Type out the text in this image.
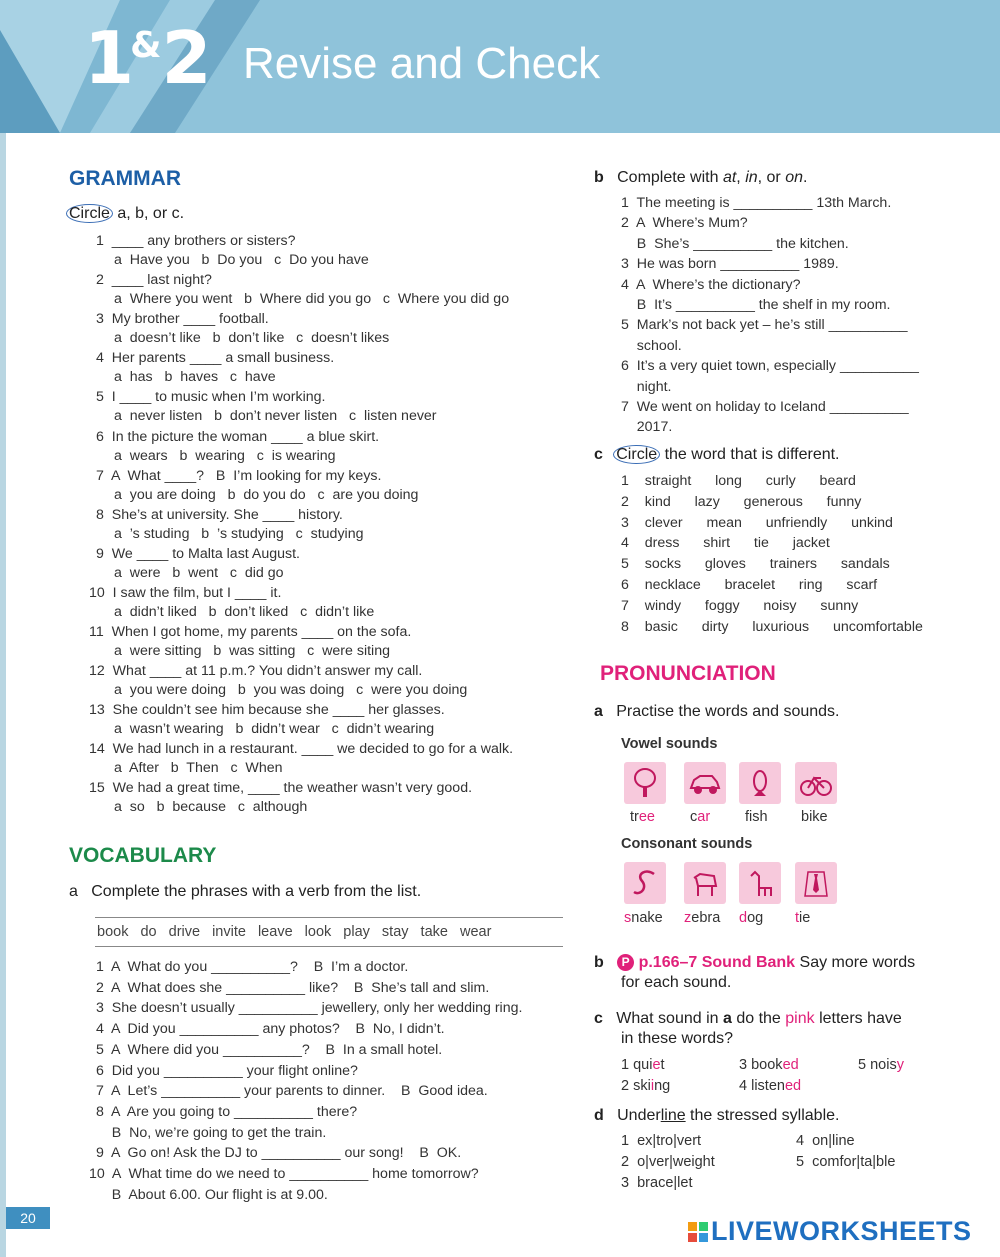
1&2 Revise and Check
GRAMMAR
Circle a, b, or c.
1  ____ any brothers or sisters?
a  Have you   b  Do you   c  Do you have
2  ____ last night?
a  Where you went   b  Where did you go   c  Where you did go
3  My brother ____ football.
a  doesn’t like   b  don’t like   c  doesn’t likes
4  Her parents ____ a small business.
a  has   b  haves   c  have
5  I ____ to music when I’m working.
a  never listen   b  don’t never listen   c  listen never
6  In the picture the woman ____ a blue skirt.
a  wears   b  wearing   c  is wearing
7  A  What ____?   B  I’m looking for my keys.
a  you are doing   b  do you do   c  are you doing
8  She’s at university. She ____ history.
a  ’s studing   b  ’s studying   c  studying
9  We ____ to Malta last August.
a  were   b  went   c  did go
10  I saw the film, but I ____ it.
a  didn’t liked   b  don’t liked   c  didn’t like
11  When I got home, my parents ____ on the sofa.
a  were sitting   b  was sitting   c  were siting
12  What ____ at 11 p.m.? You didn’t answer my call.
a  you were doing   b  you was doing   c  were you doing
13  She couldn’t see him because she ____ her glasses.
a  wasn’t wearing   b  didn’t wear   c  didn’t wearing
14  We had lunch in a restaurant. ____ we decided to go for a walk.
a  After   b  Then   c  When
15  We had a great time, ____ the weather wasn’t very good.
a  so   b  because   c  although
VOCABULARY
a Complete the phrases with a verb from the list.
book do drive invite leave look play stay take wear
1  A  What do you __________?    B  I’m a doctor.
2  A  What does she __________ like?    B  She’s tall and slim.
3  She doesn’t usually __________ jewellery, only her wedding ring.
4  A  Did you __________ any photos?    B  No, I didn’t.
5  A  Where did you __________?    B  In a small hotel.
6  Did you __________ your flight online?
7  A  Let’s __________ your parents to dinner.    B  Good idea.
8  A  Are you going to __________ there?
B  No, we’re going to get the train.
9  A  Go on! Ask the DJ to __________ our song!    B  OK.
10  A  What time do we need to __________ home tomorrow?
B  About 6.00. Our flight is at 9.00.
b Complete with at, in, or on.
1  The meeting is __________ 13th March.
2  A  Where’s Mum?
B  She’s __________ the kitchen.
3  He was born __________ 1989.
4  A  Where’s the dictionary?
B  It’s __________ the shelf in my room.
5  Mark’s not back yet – he’s still __________
school.
6  It’s a very quiet town, especially __________
night.
7  We went on holiday to Iceland __________
2017.
c Circle the word that is different.
1  straight   long   curly   beard
2  kind   lazy   generous   funny
3  clever   mean   unfriendly   unkind
4  dress   shirt   tie   jacket
5  socks   gloves   trainers   sandals
6  necklace   bracelet   ring   scarf
7  windy   foggy   noisy   sunny
8  basic   dirty   luxurious   uncomfortable
PRONUNCIATION
a Practise the words and sounds.
Vowel sounds
tree car fish bike
Consonant sounds
snake zebra dog tie
b P p.166–7 Sound Bank Say more words
for each sound.
c What sound in a do the pink letters have
in these words?
1 quiet	3 booked	5 noisy
2 skiing	4 listened
d Underline the stressed syllable.
1  ex|tro|vert	4  on|line
2  o|ver|weight	5  comfor|ta|ble
3  brace|let
20	LIVEWORKSHEETS
